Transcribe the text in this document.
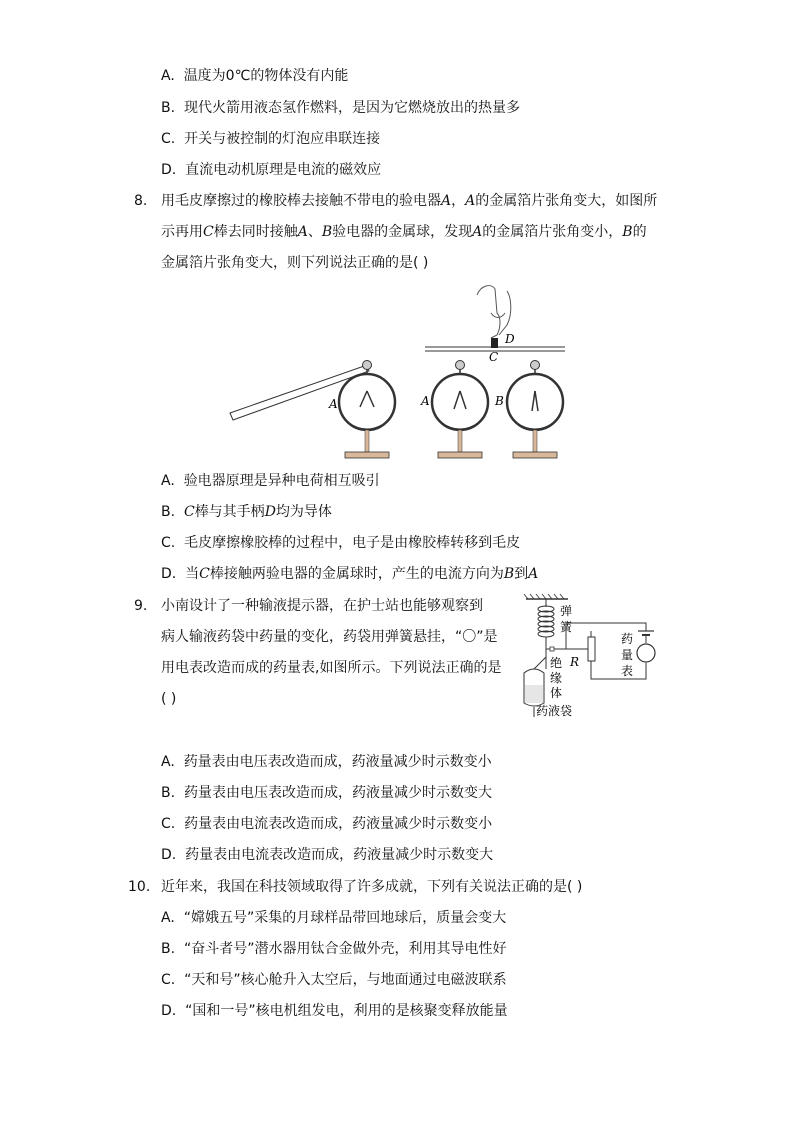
A. 温度为0℃的物体没有内能
B. 现代火箭用液态氢作燃料，是因为它燃烧放出的热量多
C. 开关与被控制的灯泡应串联连接
D. 直流电动机原理是电流的磁效应
8. 用毛皮摩擦过的橡胶棒去接触不带电的验电器A，A的金属箔片张角变大，如图所
示再用C棒去同时接触A、B验电器的金属球，发现A的金属箔片张角变小，B的
金属箔片张角变大，则下列说法正确的是( )
A
D
C
A	B
A. 验电器原理是异种电荷相互吸引
B. C棒与其手柄D均为导体
C. 毛皮摩擦橡胶棒的过程中，电子是由橡胶棒转移到毛皮
D. 当C棒接触两验电器的金属球时，产生的电流方向为B到A
9. 小南设计了一种输液提示器，在护士站也能够观察到
病人输液药袋中药量的变化，药袋用弹簧悬挂，“〇”是
用电表改造而成的药量表,如图所示。下列说法正确的是
( )
弹
簧
R
药
量
表
绝
缘
体
药液袋
A. 药量表由电压表改造而成，药液量减少时示数变小
B. 药量表由电压表改造而成，药液量减少时示数变大
C. 药量表由电流表改造而成，药液量减少时示数变小
D. 药量表由电流表改造而成，药液量减少时示数变大
10. 近年来，我国在科技领域取得了许多成就，下列有关说法正确的是( )
A. “嫦娥五号”采集的月球样品带回地球后，质量会变大
B. “奋斗者号”潜水器用钛合金做外壳，利用其导电性好
C. “天和号”核心舱升入太空后，与地面通过电磁波联系
D. “国和一号”核电机组发电，利用的是核聚变释放能量
